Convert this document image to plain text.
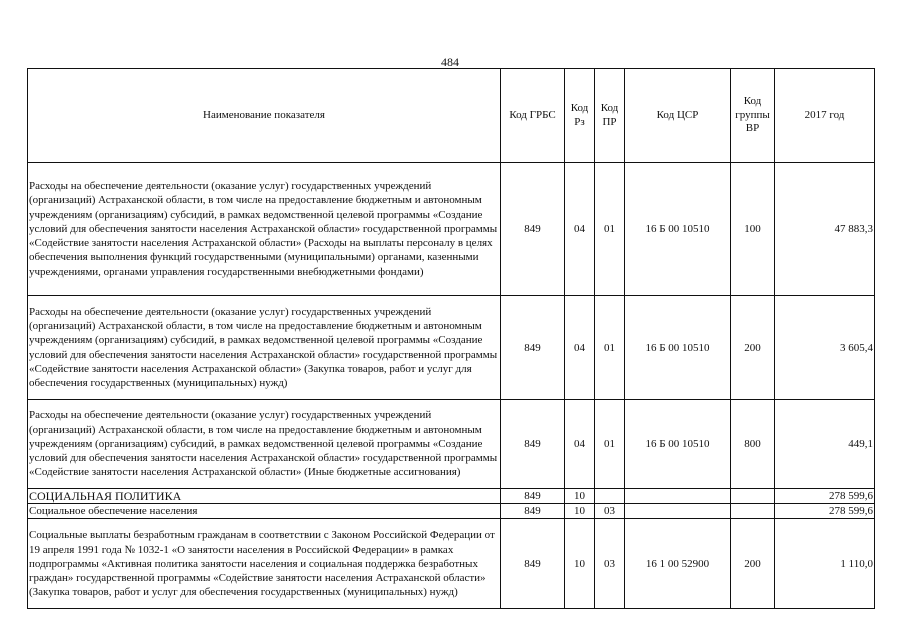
484
Наименование показателя	Код ГРБС	Код Рз	Код ПР	Код ЦСР	Код группы ВР	2017 год
Расходы на обеспечение деятельности (оказание услуг) государственных учреждений (организаций) Астраханской области, в том числе на предоставление бюджетным и автономным учреждениям (организациям) субсидий, в рамках ведомственной целевой программы «Создание условий для обеспечения занятости населения Астраханской области» государственной программы «Содействие занятости населения Астраханской области» (Расходы на выплаты персоналу в целях обеспечения выполнения функций государственными (муниципальными) органами, казенными учреждениями, органами управления государственными внебюджетными фондами)	849	04	01	16 Б 00 10510	100	47 883,3
Расходы на обеспечение деятельности (оказание услуг) государственных учреждений (организаций) Астраханской области, в том числе на предоставление бюджетным и автономным учреждениям (организациям) субсидий, в рамках ведомственной целевой программы «Создание условий для обеспечения занятости населения Астраханской области» государственной программы «Содействие занятости населения Астраханской области» (Закупка товаров, работ и услуг для обеспечения государственных (муниципальных) нужд)	849	04	01	16 Б 00 10510	200	3 605,4
Расходы на обеспечение деятельности (оказание услуг) государственных учреждений (организаций) Астраханской области, в том числе на предоставление бюджетным и автономным учреждениям (организациям) субсидий, в рамках ведомственной целевой программы «Создание условий для обеспечения занятости населения Астраханской области» государственной программы «Содействие занятости населения Астраханской области» (Иные бюджетные ассигнования)	849	04	01	16 Б 00 10510	800	449,1
СОЦИАЛЬНАЯ ПОЛИТИКА	849	10				278 599,6
Социальное обеспечение населения	849	10	03			278 599,6
Социальные выплаты безработным гражданам в соответствии с Законом Российской Федерации от 19 апреля 1991 года № 1032-1 «О занятости населения в Российской Федерации» в рамках подпрограммы «Активная политика занятости населения и социальная поддержка безработных граждан» государственной программы «Содействие занятости населения Астраханской области» (Закупка товаров, работ и услуг для обеспечения государственных (муниципальных) нужд)	849	10	03	16 1 00 52900	200	1 110,0
